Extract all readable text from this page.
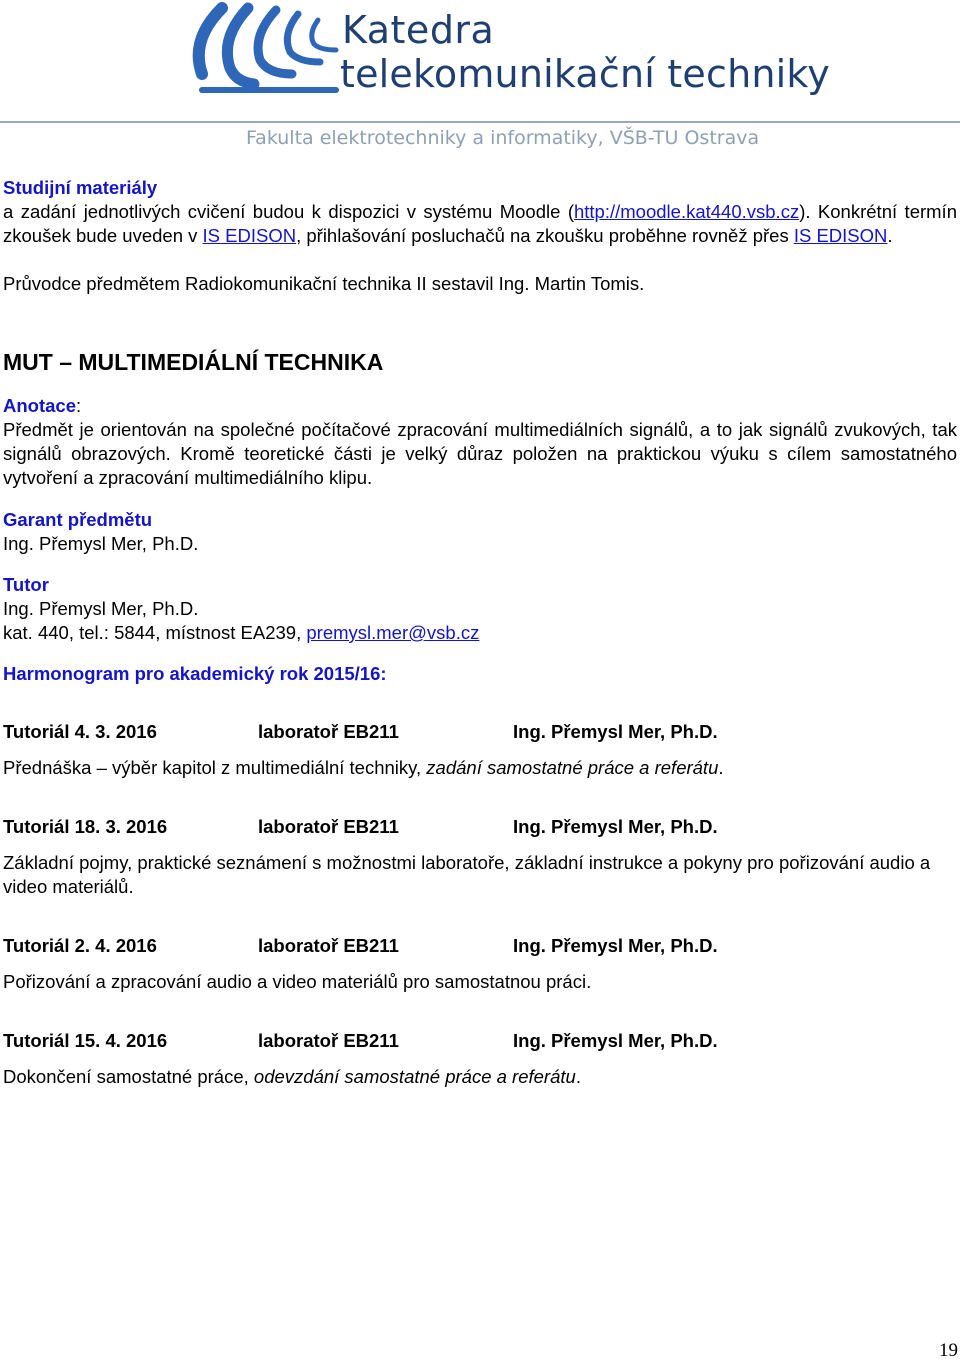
Katedra
telekomunikační techniky
Fakulta elektrotechniky a informatiky, VŠB-TU Ostrava

Studijní materiály

a zadání jednotlivých cvičení budou k dispozici v systému Moodle (http://moodle.kat440.vsb.cz). Konkrétní termín zkoušek bude uveden v IS EDISON, přihlašování posluchačů na zkoušku proběhne rovněž přes IS EDISON.

Průvodce předmětem Radiokomunikační technika II sestavil Ing. Martin Tomis.

MUT – MULTIMEDIÁLNÍ TECHNIKA

Anotace:

Předmět je orientován na společné počítačové zpracování multimediálních signálů, a to jak signálů zvukových, tak signálů obrazových. Kromě teoretické části je velký důraz položen na praktickou výuku s cílem samostatného vytvoření a zpracování multimediálního klipu.

Garant předmětu

Ing. Přemysl Mer, Ph.D.

Tutor

Ing. Přemysl Mer, Ph.D.

kat. 440, tel.: 5844, místnost EA239, premysl.mer@vsb.cz

Harmonogram pro akademický rok 2015/16:

Tutoriál 4. 3. 2016	laboratoř EB211	Ing. Přemysl Mer, Ph.D.

Přednáška – výběr kapitol z multimediální techniky, zadání samostatné práce a referátu.

Tutoriál 18. 3. 2016	laboratoř EB211	Ing. Přemysl Mer, Ph.D.

Základní pojmy, praktické seznámení s možnostmi laboratoře, základní instrukce a pokyny pro pořizování audio a video materiálů.

Tutoriál 2. 4. 2016	laboratoř EB211	Ing. Přemysl Mer, Ph.D.

Pořizování a zpracování audio a video materiálů pro samostatnou práci.

Tutoriál 15. 4. 2016	laboratoř EB211	Ing. Přemysl Mer, Ph.D.

Dokončení samostatné práce, odevzdání samostatné práce a referátu.

19
